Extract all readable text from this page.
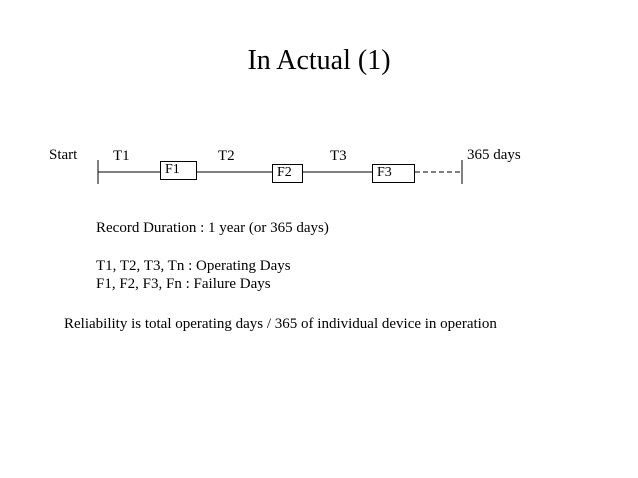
In Actual (1)
Start	365 days
T1	T2	T3
F1	F2	F3
Record Duration : 1 year (or 365 days)
T1, T2, T3, Tn : Operating Days
F1, F2, F3, Fn : Failure Days
Reliability is total operating days / 365 of individual device in operation
